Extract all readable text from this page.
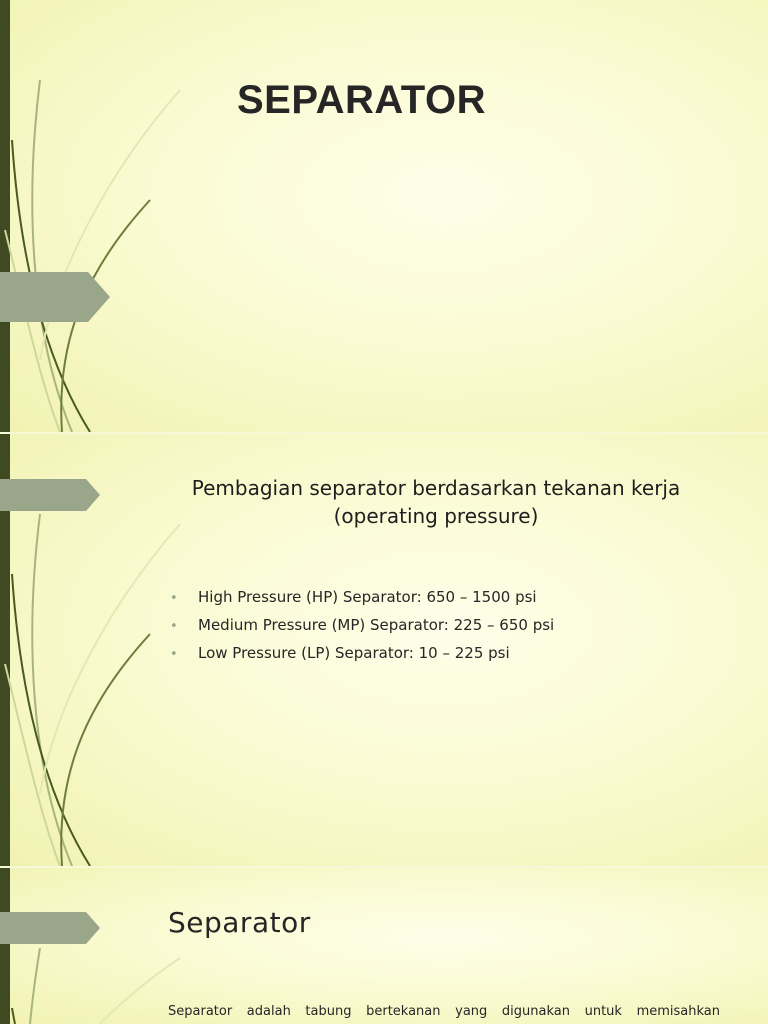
SEPARATOR
Pembagian separator berdasarkan tekanan kerja
(operating pressure)
• High Pressure (HP) Separator: 650 – 1500 psi
• Medium Pressure (MP) Separator: 225 – 650 psi
• Low Pressure (LP) Separator: 10 – 225 psi
Separator

Separator adalah tabung bertekanan yang digunakan untuk memisahkan
